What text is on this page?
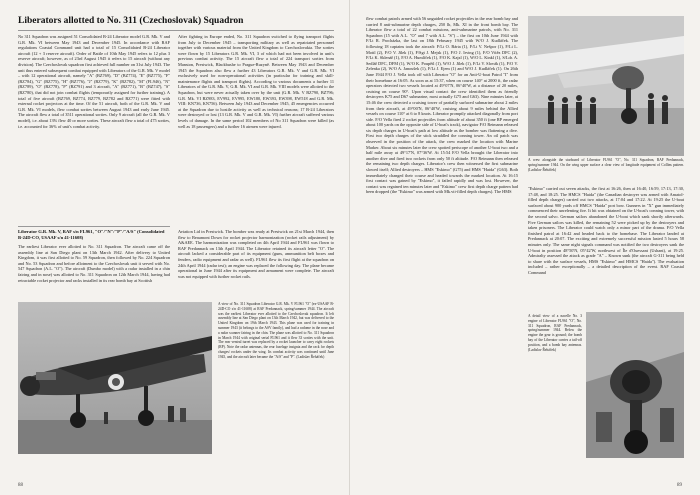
Liberators allotted to No. 311 (Czechoslovak) Squadron
No 311 Squadron was assigned 51 Consolidated B-24 Liberator model G.R. Mk. V and G.R. Mk. VI between May 1943 and December 1945. In accordance with RAF regulations Coastal Command unit had a total of 15 Consolidated B-24 Liberator aircraft (12 + 3 reserve aircraft). Order of Battle of 10th May 1945 refers to 12 plus 3 reserve aircraft; however, as of 23rd August 1945 it refers to 15 aircraft (without any division). The Czechoslovak squadron first achieved full number on 31st July 1943. The unit thus entered subsequent combat equipped with Liberators of the G.R. Mk. V model – with 12 operational aircraft, namely "A" (BZ769), "D" (BZ774), "E" (BZ775), "F" (BZ784), "G" (BZ775), "H" (BZ776), "J" (BZ779), "K" (BZ782), "M" (FL946), "N" (BZ789), "O" (BZ778), "P" (BZ791) and 3 aircraft, "A" (BZ771), "B" (BZ747), "S" (BZ780), that did not join combat flights (temporarily assigned for further training). A total of five aircraft (BZ769, BZ774, BZ779, BZ782 and BZ771) were fitted with external rocket projectors at the time. Of the 51 aircraft, both of the G.R. Mk. V and G.R. Mk. VI models, flew combat sorties between August 1943 and early June 1945. The aircraft flew a total of 3511 operational sorties. Only 9 aircraft (all the G.R. Mk. V model), i.e. about 13% flew 40 or more sorties. These aircraft flew a total of 475 sorties, i.e. accounted for 36% of unit's combat activity.
After fighting in Europe ended, No. 311 Squadron switched to flying transport flights from July to December 1945 – transporting military as well as repatriated personnel together with various material from the United Kingdom to Czechoslovakia. The sorties were flown by 15 Liberators G.R. Mk. VI, 3 of which had not been involved in unit's previous combat activity. The 15 aircraft flew a total of 224 transport sorties from Manston, Prestwick, Blackbushe to Prague-Ruzyně. Between May 1943 and December 1945 the Squadron also flew a further 43 Liberators G.R. Mk. V and G.R. Mk. VI exclusively used for non-operational activities (in particular for training and skill-maintenance flights and transport flights). According to various documents a further 11 Liberators of the G.R. Mk. V, G.R. Mk. VI and G.R. Mk. VIII models were allotted to the Squadron, but were never actually taken over by the unit (G.R. Mk. V BZ790, BZ796; G.R. Mk. VI BZ983, EV992, EV995, EW180, EW393, EW398, EW518 and G.R. Mk. VIII: KN736, KN756). Between July 1943 and December 1945, 45 emergencies occurred at the Squadron due to hostile activity as well as technical reasons; 17 B-24 Liberators were destroyed or lost (13 G.R. Mk. V and G.R. Mk. VI) further aircraft suffered various levels of damage. In the same period 102 members of No 311 Squadron were killed (as well as 18 passengers) and a further 16 airmen were injured.
Liberator G.R. Mk. V, RAF s/n FL961, "O"/"N"/"P"/"A/S" (Consolidated B-24D-CO, USAAF s/n 41-11608)
The earliest Liberator ever allotted to No. 311 Squadron. The aircraft came off the assembly line at San Diego plant on 13th March 1942. After delivery to United Kingdom, it was first allotted to No. 59 Squadron, then followed by No. 224 Squadron and No. 53 Squadron and before allotment to the Czechoslovak unit it served with No. 547 Squadron (A.L. "O"). The aircraft (Dumbo model) with a radar installed in a chin fairing and in nose) was allotted to No. 311 Squadron on 12th March 1944, having had retractable rocket projector and racks installed in its rear bomb bay at Scottish
Aviation Ltd in Prestwick. The bomber was ready at Prestwick on 21st March 1944, then flew to Beaumont Down for rocket projector harmonization (rocket rails adjustment) by A&AEE. The harmonization was completed on 4th April 1944 and FL961 was flown to RAF Predannack on 13th April 1944. The Liberator retained its aircraft letter "O". The aircraft lacked a considerable part of its equipment (guns, ammunition belt boxes and fenders, radio equipment and radar as well). FL961 flew its first flight at the squadron on 24th April 1944 (radar test); an engine was replaced the following day. The plane became operational in June 1944 after its equipment and armament were complete. The aircraft was not equipped with further rocket rails.
A view of No. 311 Squadron Liberator G.R. Mk. V FL961 "O" (ex-USAAF B-24D-CO s/n 41-11608) at RAF Predannack, spring/summer 1944. The aircraft was the earliest Liberator ever allotted to the Czechoslovak squadron. It left assembly line at San Diego plant on 13th March 1942, but was delivered to the United Kingdom on 19th March 1943. This plane was used for training in summer 1943 (it belongs to the ASV family), and had a radome in the nose and a radar scanner fairing in the chin. The plane was allotted to No. 311 Squadron in March 1944 with original serial FL961 and it flew 33 sorties with the unit. The rear ventral turret was replaced by a rocket launcher to carry eight rockets (RP). Note the radar antennas, the rear fuselage insignia and the rack for depth charges/ rockets under the wing. Its combat activity was continued until June 1945, and the aircraft later became the "A/S" and "P". (Ladislav Řeháček)
88
flew combat patrols armed with 56 unguided rocket projectiles in the rear bomb bay and carried 8 anti-submarine depth charges, 250 lb, Mk. XI in the front bomb bay. The Liberator flew a total of 22 combat missions, anti-submarine patrols, with No. 311 Squadron (15 with A.L. "O" and 7 with A.L. "S") – the first on 10th June 1944 with F/Lt R. Procházka, the last on 18th February 1945 with W/O J. Kudláček. The following 18 captains took the aircraft: F/Lt O. Bárta (1), F/Lt V. Nešpor (1), F/Lt L. Mottl (2), F/O V. Jílek (1), F/Sgt J. Mejsk (1), F/O J. Irving (1), F/O Vítěz DFC (2), F/Lt K. Sklenář (1), F/O A. Humlíček (1), F/O K. Kajzl (1), W/O L. Kinkl (1), S/Ldr. A. Sedlář DFC, DFM (1), W/O K. Poupětl (1), W/O J. Jílek (1), F/Lt V. Slovák (1), F/O V. Zelenka (2), W/O A. Janoušek (1), F/Lt J. Ejem (1) and W/O J. Kudláček (1). On 26th June 1944 F/O J. Vella took off with Liberator "O" for an Anti-U-boat Patrol "I" from their homebase at 16:05. As soon as at 15:37, when on course 140° at 2000 ft, the radar operators detected two vessels located at 49°07'N, 06°40'W, at a distance of 20 miles, cruising on course 90°. Upon visual contact the crew identified them as friendly destroyers K75 and D67 submarine, most actually G75 and G63). Nine minutes later, at 15:46 the crew detected a cruising tower of partially surfaced submarine about 2 miles from their aircraft, at 49°00'N, 06°40'W, cruising about 9 miles behind the Allied vessels on course 110° at 6 to 8 knots. Liberator promptly attacked diagonally from port side. F/O Vella fired 2 rocket projectiles from altitude of about 350 ft (one RP emerged about 100 yards on the opposite side of U-boat's track), navigator F/O Reimann released six depth charges in U-boat's path at low altitude as the bomber was flattening a dive. First two depth charges of the stick straddled the conning tower. An oil patch was observed in the position of the attack, the crew marked the location with Marine Marker. About six minutes later the crew spotted periscope of another U-boat two and a half mile away at 49°17'N, 07°36'W. At 15:54 F/O Vella brought the Liberator into another dive and fired two rockets from only 50 ft altitude. F/O Reimann then released the remaining two depth charges. Liberator's crew then witnessed the first submarine slowed itself; Allied destroyers – HMS "Eskimo" (G75) and HMS "Haida" (G63). Both immediately changed their course and headed towards the marked location. At 16:15 first contact was gained by "Eskimo", it failed rapidly and was lost. However, the contact was regained ten minutes later and "Eskimo" crew first depth charge pattern had been dropped (the "Eskimo" was armed with Mk.vii-filled depth charges). The HMS
A crew alongside the starboard of Liberator FL961 "O", No. 311 Squadron, RAF Predannack, spring/summer 1944. On the wing upper surface a clear view of longitude equipment of Collins pattern. (Ladislav Řeháček)
"Eskimo" carried out seven attacks, the first at 16:26, then at 16:40, 16:59, 17:13, 17:30, 17:48, and 18:25. The HMCS "Haida" (the Canadian destroyer was armed with Amatol-filled depth charges) carried out two attacks, at 17:04 and 17:22. At 19:25 the U-boat surfaced about 900 yards off HMCS "Haida" port bow. Gunners in "X" gun immediately commenced their unrelenting fire. It hit was obtained on the U-boat's conning tower, with the second salvo. German sailors abandoned the U-boat which sank shortly afterwards. Five German sailors was killed, the remaining 52 were picked up by the destroyers and taken prisoners. The Liberator could watch only a minor part of the drama. F/O Vella finished patrol at 16:42 and headed back to the homebase. The Liberator landed at Predannack at 20:07. The exciting and extremely successful mission lasted 5 hours 58 minutes only. The same night signals command was notified the two destroyers sank the U-boat in position 48°50'N, 05°42'W, northwest of Île d'Ouessant (Ushant), at 19:25. Admiralty assessed the attack as grade "A" – Known sunk (the aircraft G-311 being held to share with the surface vessels, HMS "Eskimo" and HMCS "Haida"). The evaluation included – rather exceptionally – a detailed description of the event. RAF Coastal Command
A detail view of a nacelle No. 3 engine of Liberator FL961 "O", No. 311 Squadron, RAF Predannack, spring/summer 1944. Below the engine the gear is ground; the bomb bay of the Liberator carries a tail-off position, and a bomb bay antennas. (Ladislav Řeháček)
89
